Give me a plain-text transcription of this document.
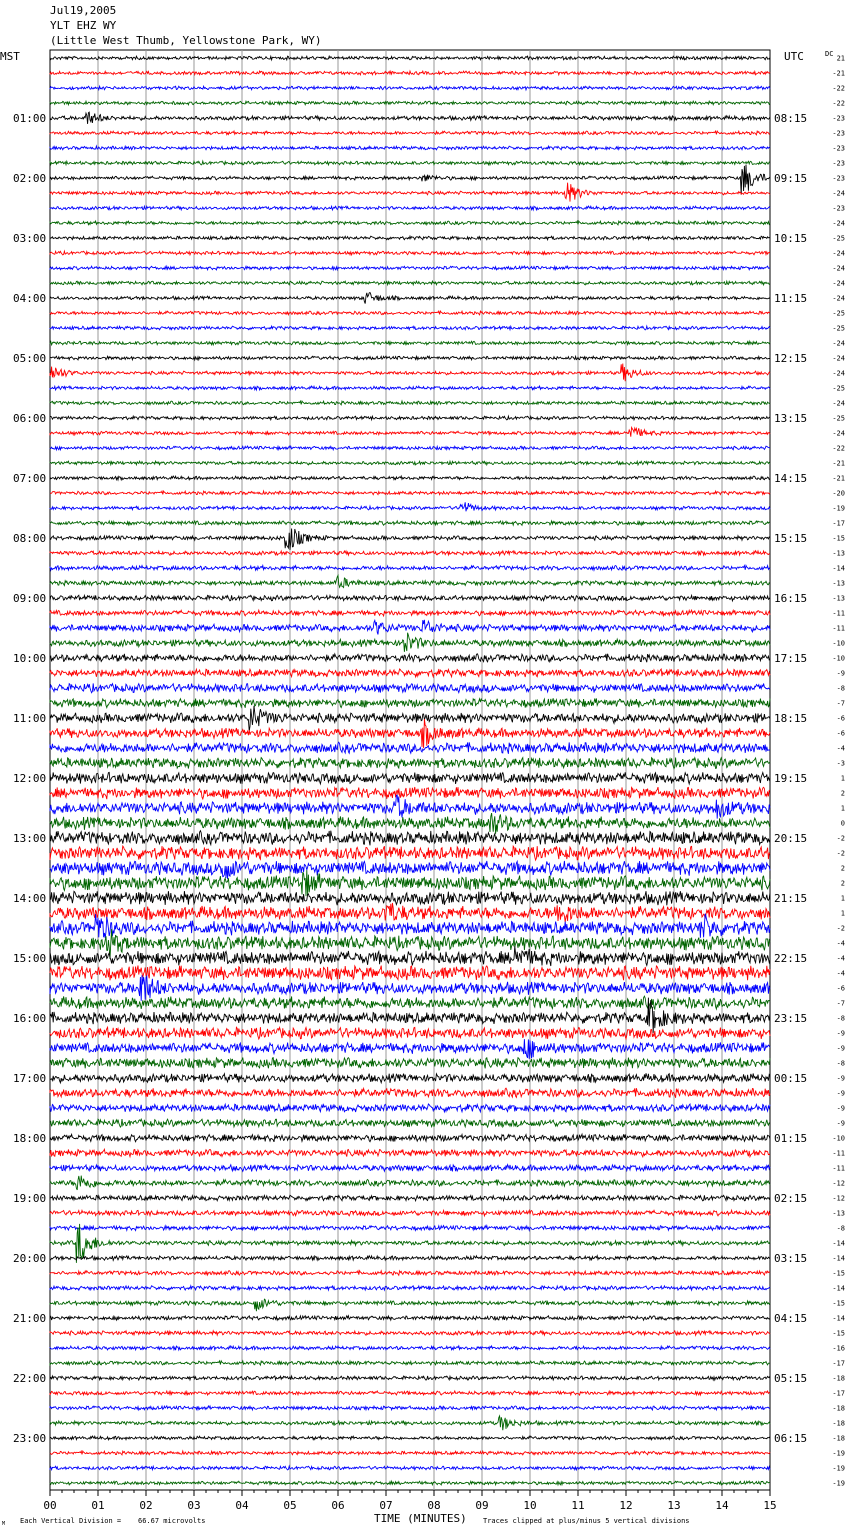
Jul19,2005
YLT EHZ WY
(Little West Thumb, Yellowstone Park, WY)
01:00
02:00
03:00
04:00
05:00
06:00
07:00
08:00
09:00
10:00
11:00
12:00
13:00
14:00
15:00
16:00
17:00
18:00
19:00
20:00
21:00
22:00
23:00
08:15
09:15
10:15
11:15
12:15
13:15
14:15
15:15
16:15
17:15
18:15
19:15
20:15
21:15
22:15
23:15
00:15
01:15
02:15
03:15
04:15
05:15
06:15
21
-21
-22
-22
-23
-23
-23
-23
-23
-24
-23
-24
-25
-24
-24
-24
-24
-25
-25
-24
-24
-24
-25
-24
-25
-24
-22
-21
-21
-20
-19
-17
-15
-13
-14
-13
-13
-11
-11
-10
-10
-9
-8
-7
-6
-6
-4
-3
1
2
1
0
-2
-2
2
2
1
1
-2
-4
-4
-4
-6
-7
-8
-9
-9
-8
-9
-9
-9
-9
-10
-11
-11
-12
-12
-13
-8
-14
-14
-15
-14
-15
-14
-15
-16
-17
-18
-17
-18
-18
-18
-19
-19
-19
00	01	02	03	04	05	06	07	08	09	10	11	12	13	14	15
MST	UTC	DC
TIME (MINUTES)
Each Vertical Division =    66.67 microvolts	Traces clipped at plus/minus 5 vertical divisions
M
